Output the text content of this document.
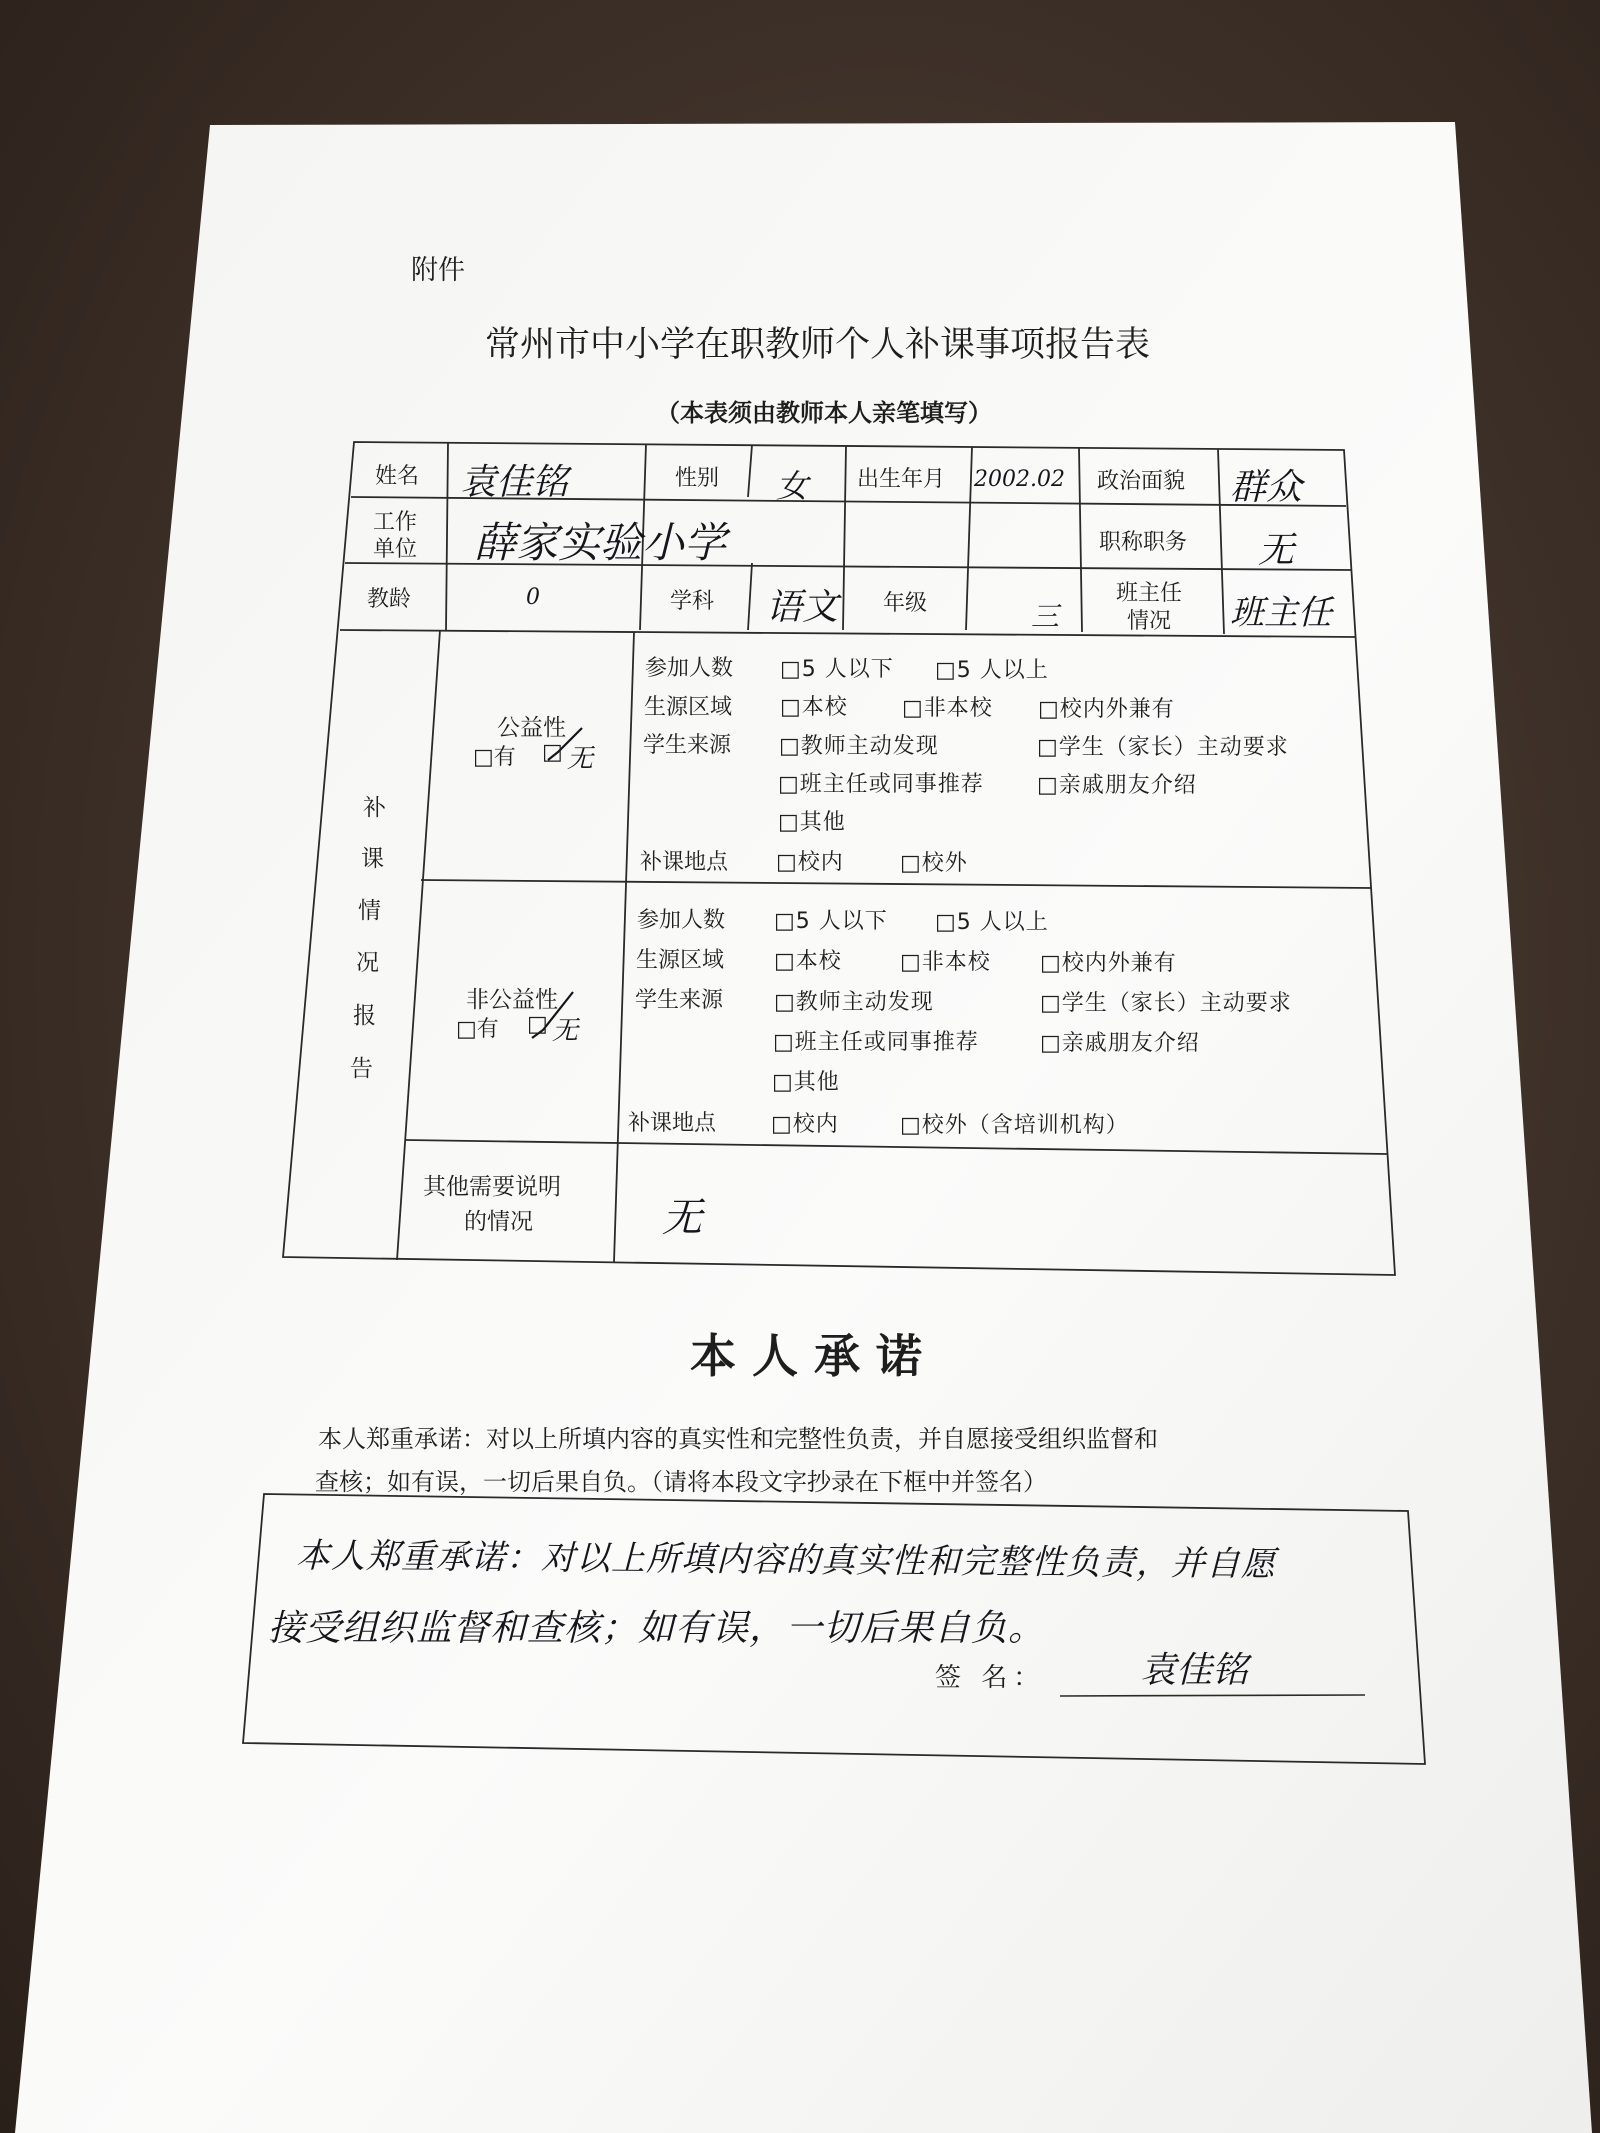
附件
常州市中小学在职教师个人补课事项报告表
（本表须由教师本人亲笔填写）
姓名 袁佳铭	性别 女 出生年月 2002.02 政治面貌 群众
工作
单位 薛家实验小学	职称职务 无
教龄	0	学科 语文 年级	三
班主任
情况 班主任
补
课
情
况
报
告
公益性
□有 □ 无
参加人数 □5 人以下 □5 人以上
生源区域 □本校 □非本校 □校内外兼有
学生来源 □教师主动发现	□学生（家长）主动要求
□班主任或同事推荐 □亲戚朋友介绍
□其他
补课地点 □校内	□校外
非公益性
□有 □ 无
参加人数 □5 人以下 □5 人以上
生源区域 □本校	□非本校 □校内外兼有
学生来源 □教师主动发现	□学生（家长）主动要求
□班主任或同事推荐	□亲戚朋友介绍
□其他
补课地点 □校内	□校外（含培训机构）
其他需要说明
的情况	无
本 人 承 诺
本人郑重承诺：对以上所填内容的真实性和完整性负责，并自愿接受组织监督和
查核；如有误，一切后果自负。（请将本段文字抄录在下框中并签名）
本人郑重承诺：对以上所填内容的真实性和完整性负责，并自愿
接受组织监督和查核；如有误，一切后果自负。
签 名：	袁佳铭
